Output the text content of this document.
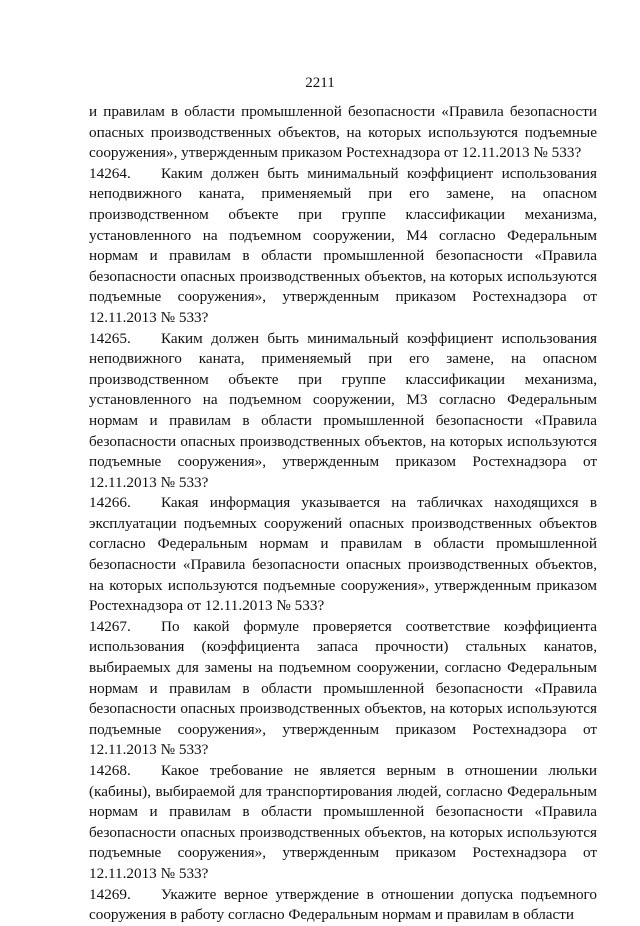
2211

и правилам в области промышленной безопасности «Правила безопасности опасных производственных объектов, на которых используются подъемные сооружения», утвержденным приказом Ростехнадзора от 12.11.2013 № 533?

14264. Каким должен быть минимальный коэффициент использования неподвижного каната, применяемый при его замене, на опасном производственном объекте при группе классификации механизма, установленного на подъемном сооружении, М4 согласно Федеральным нормам и правилам в области промышленной безопасности «Правила безопасности опасных производственных объектов, на которых используются подъемные сооружения», утвержденным приказом Ростехнадзора от 12.11.2013 № 533?

14265. Каким должен быть минимальный коэффициент использования неподвижного каната, применяемый при его замене, на опасном производственном объекте при группе классификации механизма, установленного на подъемном сооружении, М3 согласно Федеральным нормам и правилам в области промышленной безопасности «Правила безопасности опасных производственных объектов, на которых используются подъемные сооружения», утвержденным приказом Ростехнадзора от 12.11.2013 № 533?

14266. Какая информация указывается на табличках находящихся в эксплуатации подъемных сооружений опасных производственных объектов согласно Федеральным нормам и правилам в области промышленной безопасности «Правила безопасности опасных производственных объектов, на которых используются подъемные сооружения», утвержденным приказом Ростехнадзора от 12.11.2013 № 533?

14267. По какой формуле проверяется соответствие коэффициента использования (коэффициента запаса прочности) стальных канатов, выбираемых для замены на подъемном сооружении, согласно Федеральным нормам и правилам в области промышленной безопасности «Правила безопасности опасных производственных объектов, на которых используются подъемные сооружения», утвержденным приказом Ростехнадзора от 12.11.2013 № 533?

14268. Какое требование не является верным в отношении люльки (кабины), выбираемой для транспортирования людей, согласно Федеральным нормам и правилам в области промышленной безопасности «Правила безопасности опасных производственных объектов, на которых используются подъемные сооружения», утвержденным приказом Ростехнадзора от 12.11.2013 № 533?

14269. Укажите верное утверждение в отношении допуска подъемного сооружения в работу согласно Федеральным нормам и правилам в области
